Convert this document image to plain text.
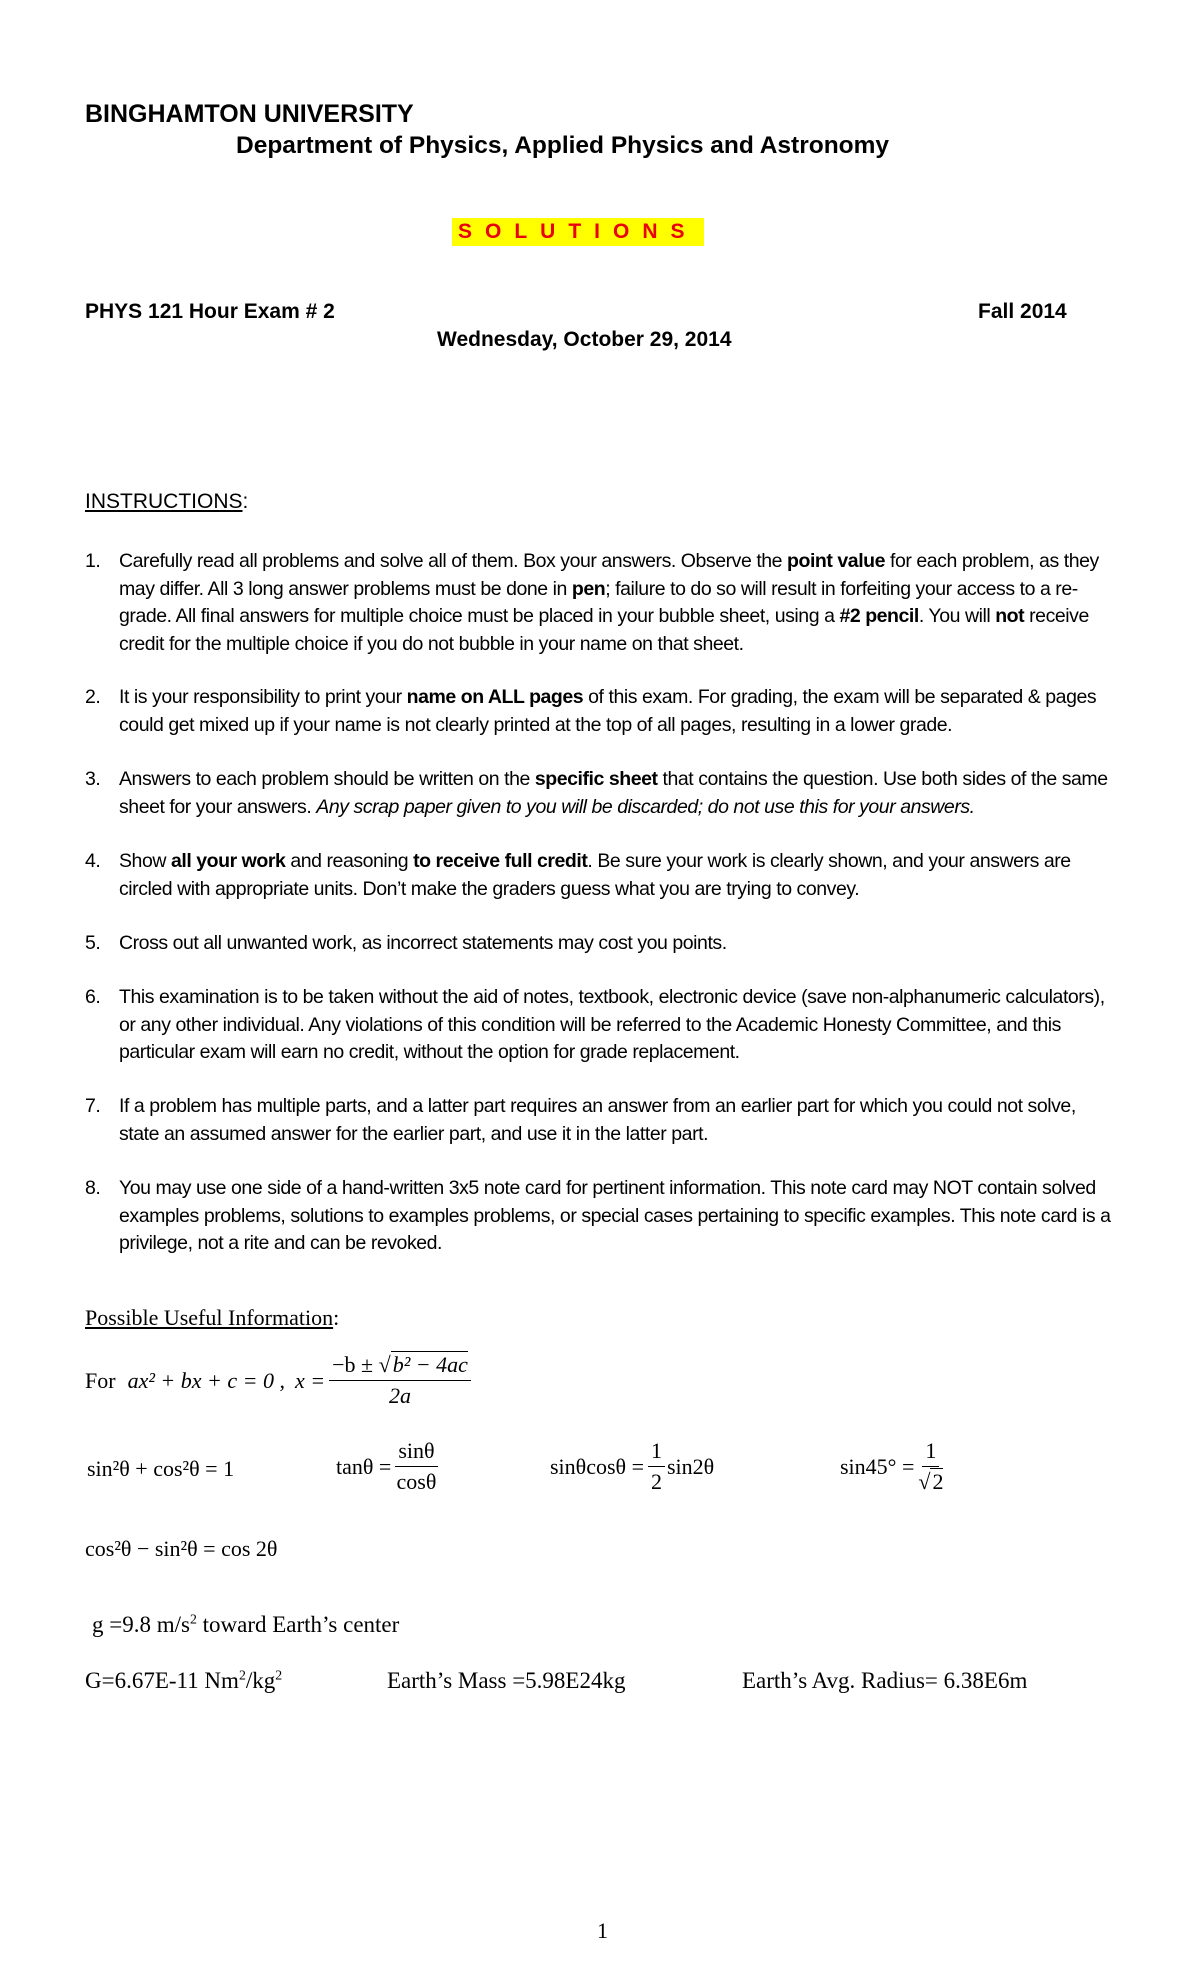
BINGHAMTON UNIVERSITY
Department of Physics, Applied Physics and Astronomy
SOLUTIONS
PHYS 121 Hour Exam # 2	Fall 2014
Wednesday, October 29, 2014
INSTRUCTIONS:
1. Carefully read all problems and solve all of them. Box your answers. Observe the point value for each problem, as they may differ. All 3 long answer problems must be done in pen; failure to do so will result in forfeiting your access to a re-grade. All final answers for multiple choice must be placed in your bubble sheet, using a #2 pencil. You will not receive credit for the multiple choice if you do not bubble in your name on that sheet.
2. It is your responsibility to print your name on ALL pages of this exam. For grading, the exam will be separated & pages could get mixed up if your name is not clearly printed at the top of all pages, resulting in a lower grade.
3. Answers to each problem should be written on the specific sheet that contains the question. Use both sides of the same sheet for your answers. Any scrap paper given to you will be discarded; do not use this for your answers.
4. Show all your work and reasoning to receive full credit. Be sure your work is clearly shown, and your answers are circled with appropriate units. Don’t make the graders guess what you are trying to convey.
5. Cross out all unwanted work, as incorrect statements may cost you points.
6. This examination is to be taken without the aid of notes, textbook, electronic device (save non-alphanumeric calculators), or any other individual. Any violations of this condition will be referred to the Academic Honesty Committee, and this particular exam will earn no credit, without the option for grade replacement.
7. If a problem has multiple parts, and a latter part requires an answer from an earlier part for which you could not solve, state an assumed answer for the earlier part, and use it in the latter part.
8. You may use one side of a hand-written 3x5 note card for pertinent information. This note card may NOT contain solved examples problems, solutions to examples problems, or special cases pertaining to specific examples. This note card is a privilege, not a rite and can be revoked.
Possible Useful Information:
For ax² + bx + c = 0 , $x = \frac{\text{−b ± √b² − 4ac}}{2a}$
sin²θ + cos²θ = 1	$\tan\theta = \frac{\sin\theta}{\cos\theta}$	$\sin\theta\cos\theta = \frac{1}{2} \sin 2\theta$	$\sin 45^\circ = \frac{1}{√2}$
cos²θ − sin²θ = cos 2θ
g =9.8 $m/s^2$ toward Earth’s center
G=6.67E-11 $Nm^2/kg^2$	Earth’s Mass =5.98E24kg	Earth’s Avg. Radius= 6.38E6m
1
